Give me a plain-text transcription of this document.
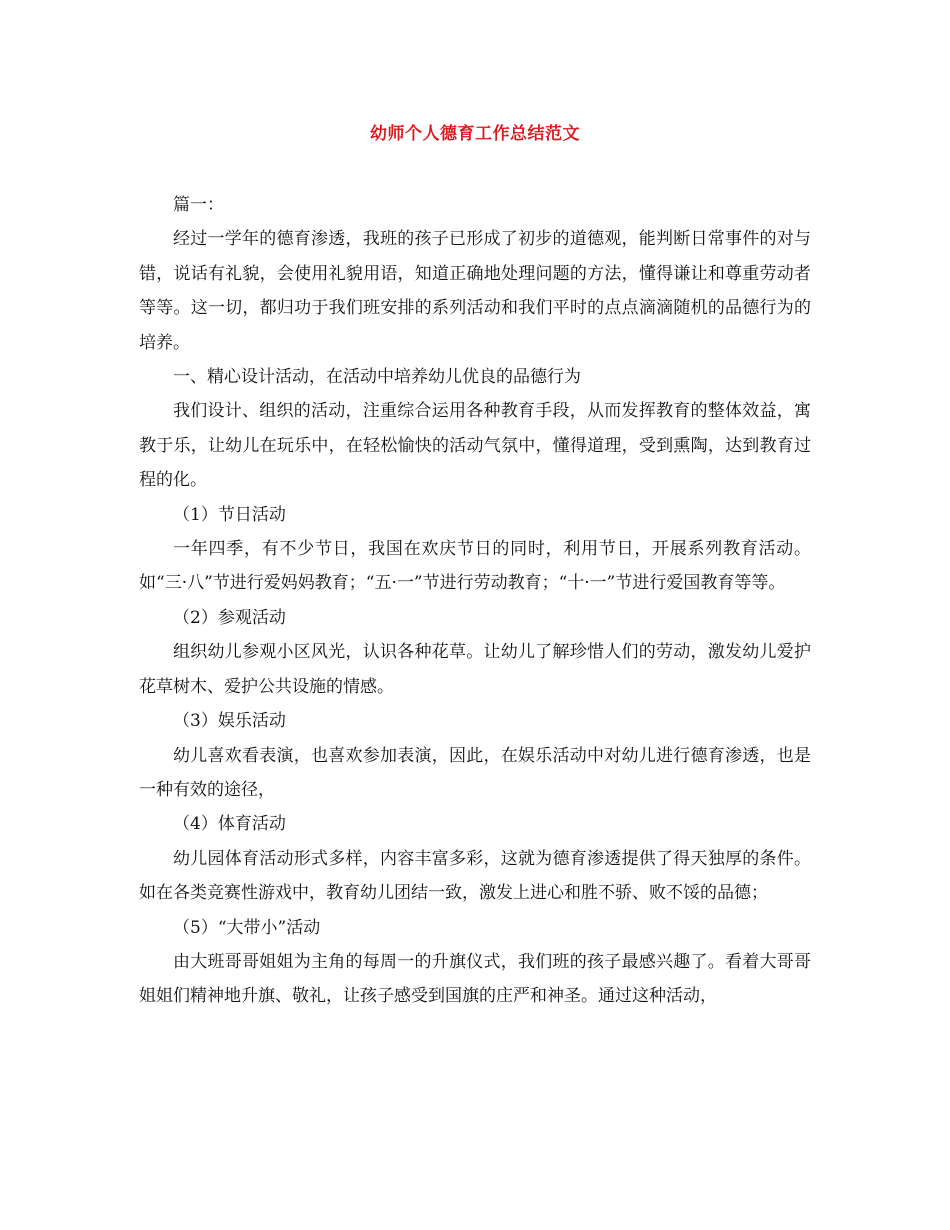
幼师个人德育工作总结范文

篇一：

经过一学年的德育渗透，我班的孩子已形成了初步的道德观，能判断日常事件的对与错，说话有礼貌，会使用礼貌用语，知道正确地处理问题的方法，懂得谦让和尊重劳动者等等。这一切，都归功于我们班安排的系列活动和我们平时的点点滴滴随机的品德行为的培养。

一、精心设计活动，在活动中培养幼儿优良的品德行为

我们设计、组织的活动，注重综合运用各种教育手段，从而发挥教育的整体效益，寓教于乐，让幼儿在玩乐中，在轻松愉快的活动气氛中，懂得道理，受到熏陶，达到教育过程的化。

（1）节日活动

一年四季，有不少节日，我国在欢庆节日的同时，利用节日，开展系列教育活动。如“三·八”节进行爱妈妈教育；“五·一”节进行劳动教育；“十·一”节进行爱国教育等等。

（2）参观活动

组织幼儿参观小区风光，认识各种花草。让幼儿了解珍惜人们的劳动，激发幼儿爱护花草树木、爱护公共设施的情感。

（3）娱乐活动

幼儿喜欢看表演，也喜欢参加表演，因此，在娱乐活动中对幼儿进行德育渗透，也是一种有效的途径，

（4）体育活动

幼儿园体育活动形式多样，内容丰富多彩，这就为德育渗透提供了得天独厚的条件。如在各类竞赛性游戏中，教育幼儿团结一致，激发上进心和胜不骄、败不馁的品德；

（5）“大带小”活动

由大班哥哥姐姐为主角的每周一的升旗仪式，我们班的孩子最感兴趣了。看着大哥哥姐姐们精神地升旗、敬礼，让孩子感受到国旗的庄严和神圣。通过这种活动，
